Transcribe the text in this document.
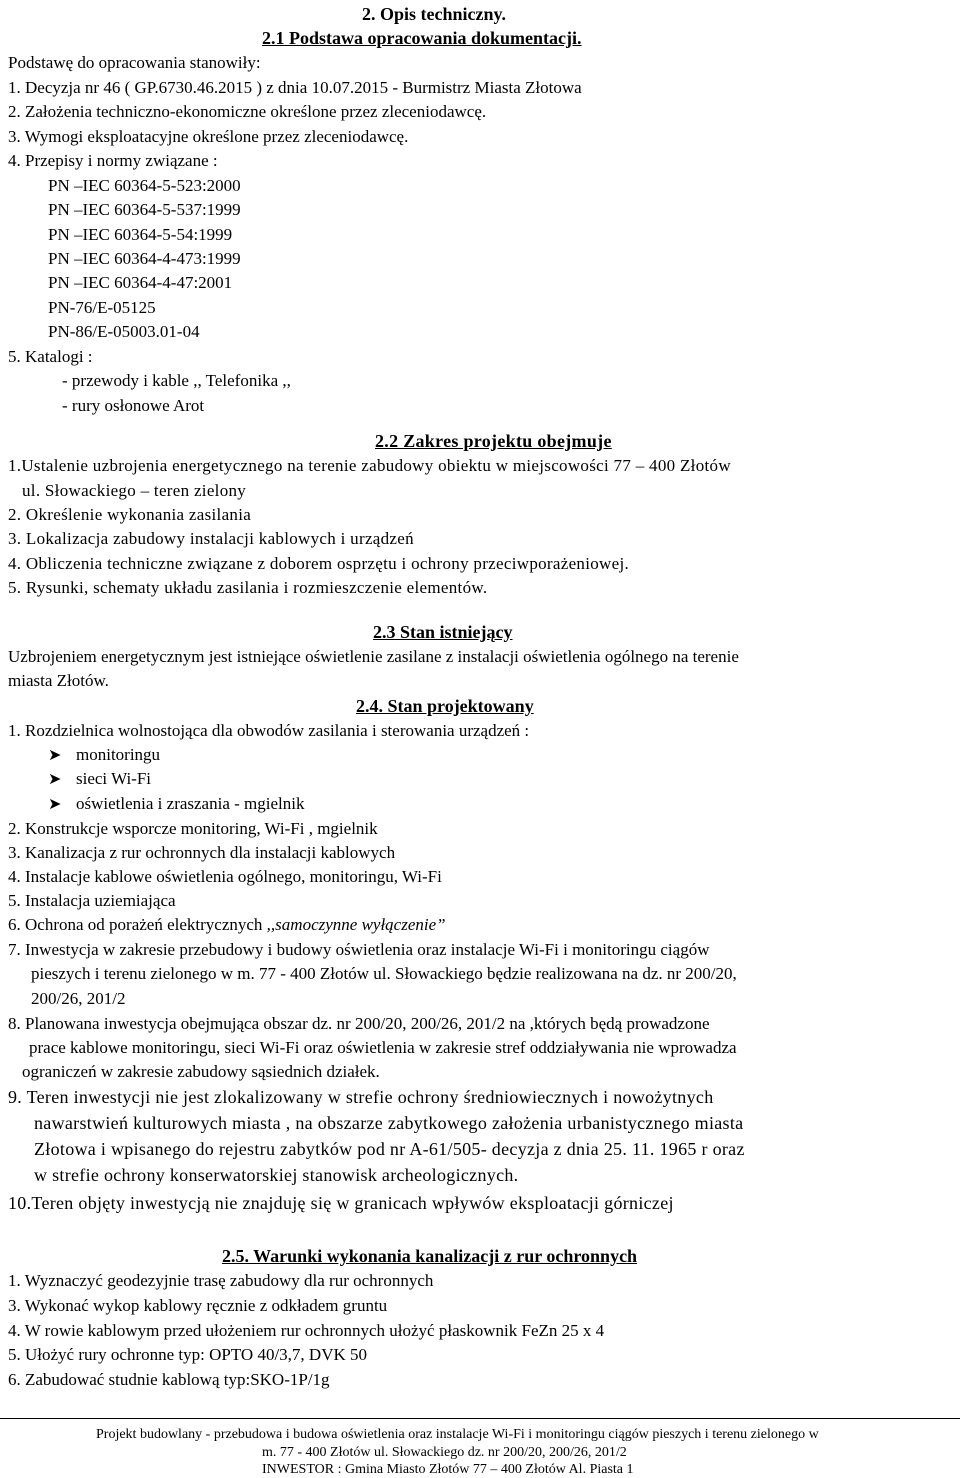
2. Opis techniczny.
2.1 Podstawa opracowania dokumentacji.
Podstawę do opracowania stanowiły:
1. Decyzja nr 46 ( GP.6730.46.2015 ) z dnia 10.07.2015 - Burmistrz Miasta Złotowa
2. Założenia techniczno-ekonomiczne określone przez zleceniodawcę.
3. Wymogi eksploatacyjne określone przez zleceniodawcę.
4. Przepisy i normy związane :
PN –IEC 60364-5-523:2000
PN –IEC 60364-5-537:1999
PN –IEC 60364-5-54:1999
PN –IEC 60364-4-473:1999
PN –IEC 60364-4-47:2001
PN-76/E-05125
PN-86/E-05003.01-04
5. Katalogi :
- przewody i kable ,, Telefonika ,,
- rury osłonowe Arot
2.2 Zakres projektu obejmuje
1.Ustalenie uzbrojenia energetycznego na terenie zabudowy obiektu w miejscowości 77 – 400 Złotów
ul. Słowackiego – teren zielony
2. Określenie wykonania zasilania
3. Lokalizacja zabudowy instalacji kablowych i urządzeń
4. Obliczenia techniczne związane z doborem osprzętu i ochrony przeciwporażeniowej.
5. Rysunki, schematy układu zasilania i rozmieszczenie elementów.
2.3 Stan istniejący
Uzbrojeniem energetycznym jest istniejące oświetlenie zasilane z instalacji oświetlenia ogólnego na terenie
miasta Złotów.
2.4. Stan projektowany
1. Rozdzielnica wolnostojąca dla obwodów zasilania i sterowania urządzeń :
➤ monitoringu
➤ sieci Wi-Fi
➤ oświetlenia i zraszania - mgielnik
2. Konstrukcje wsporcze monitoring, Wi-Fi , mgielnik
3. Kanalizacja z rur ochronnych dla instalacji kablowych
4. Instalacje kablowe oświetlenia ogólnego, monitoringu, Wi-Fi
5. Instalacja uziemiająca
6. Ochrona od porażeń elektrycznych ,,samoczynne wyłączenie”
7. Inwestycja w zakresie przebudowy i budowy oświetlenia oraz instalacje Wi-Fi i monitoringu ciągów
pieszych i terenu zielonego w m. 77 - 400 Złotów ul. Słowackiego będzie realizowana na dz. nr 200/20,
200/26, 201/2
8. Planowana inwestycja obejmująca obszar dz. nr 200/20, 200/26, 201/2 na ,których będą prowadzone
prace kablowe monitoringu, sieci Wi-Fi oraz oświetlenia w zakresie stref oddziaływania nie wprowadza
ograniczeń w zakresie zabudowy sąsiednich działek.
9. Teren inwestycji nie jest zlokalizowany w strefie ochrony średniowiecznych i nowożytnych
nawarstwień kulturowych miasta , na obszarze zabytkowego założenia urbanistycznego miasta
Złotowa i wpisanego do rejestru zabytków pod nr A-61/505- decyzja z dnia 25. 11. 1965 r oraz
w strefie ochrony konserwatorskiej stanowisk archeologicznych.
10.Teren objęty inwestycją nie znajduję się w granicach wpływów eksploatacji górniczej
2.5. Warunki wykonania kanalizacji z rur ochronnych
1. Wyznaczyć geodezyjnie trasę zabudowy dla rur ochronnych
3. Wykonać wykop kablowy ręcznie z odkładem gruntu
4. W rowie kablowym przed ułożeniem rur ochronnych ułożyć płaskownik FeZn 25 x 4
5. Ułożyć rury ochronne typ: OPTO 40/3,7, DVK 50
6. Zabudować studnie kablową typ:SKO-1P/1g
Projekt budowlany - przebudowa i budowa oświetlenia oraz instalacje Wi-Fi i monitoringu ciągów pieszych i terenu zielonego w
m. 77 - 400 Złotów ul. Słowackiego dz. nr 200/20, 200/26, 201/2
INWESTOR : Gmina Miasto Złotów 77 – 400 Złotów Al. Piasta 1
